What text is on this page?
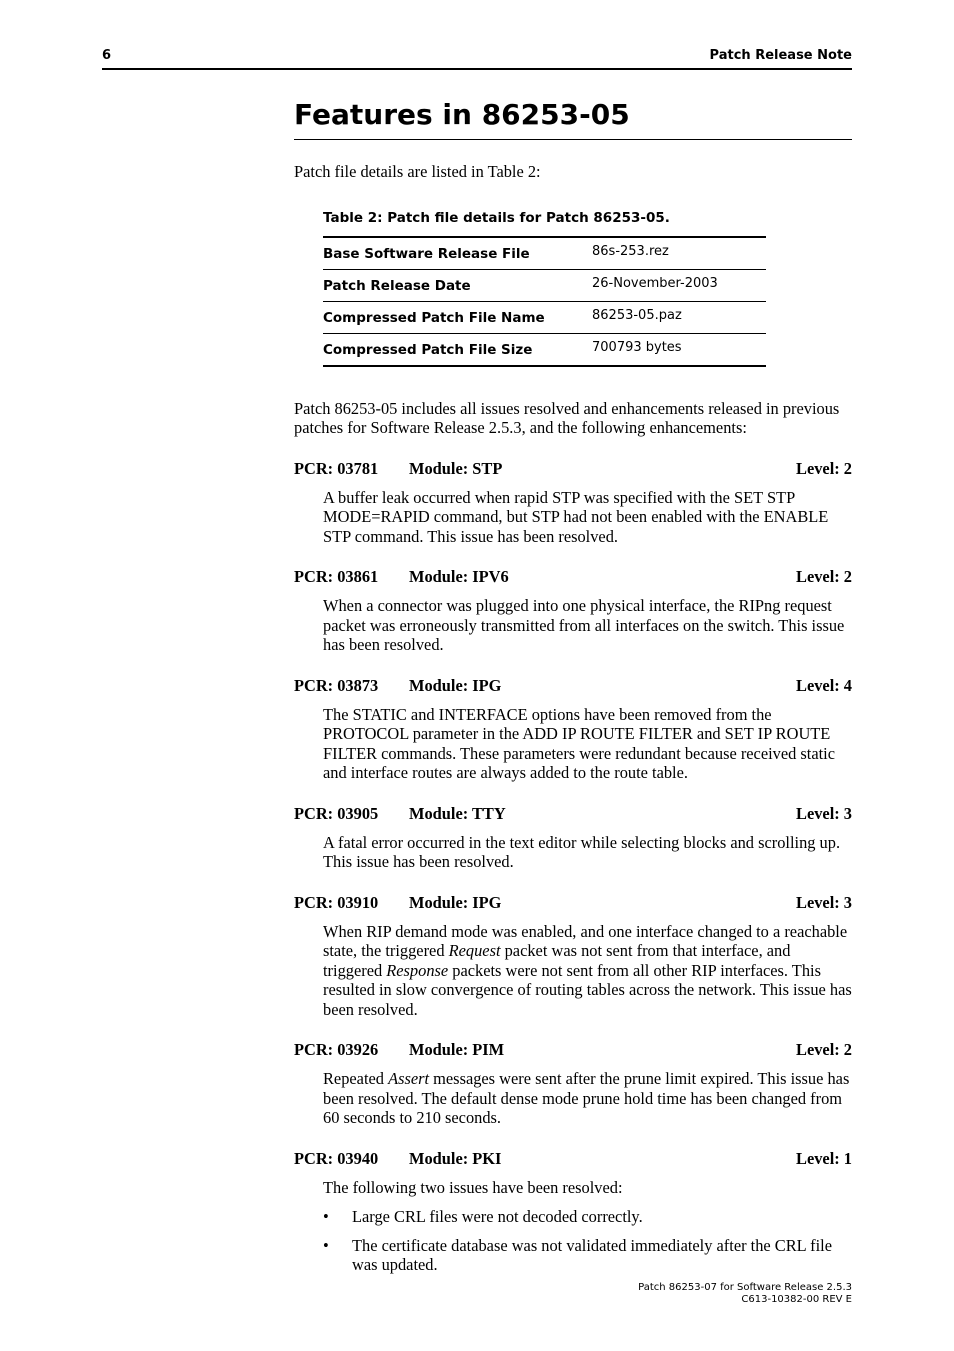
6	Patch Release Note
Features in 86253-05

Patch file details are listed in Table 2:

Table 2: Patch file details for Patch 86253-05.

Base Software Release File	86s-253.rez
Patch Release Date	26-November-2003
Compressed Patch File Name	86253-05.paz
Compressed Patch File Size	700793 bytes

Patch 86253-05 includes all issues resolved and enhancements released in previous patches for Software Release 2.5.3, and the following enhancements:

PCR: 03781 Module: STP	Level: 2

A buffer leak occurred when rapid STP was specified with the SET STP MODE=RAPID command, but STP had not been enabled with the ENABLE STP command. This issue has been resolved.

PCR: 03861 Module: IPV6	Level: 2

When a connector was plugged into one physical interface, the RIPng request packet was erroneously transmitted from all interfaces on the switch. This issue has been resolved.

PCR: 03873 Module: IPG	Level: 4

The STATIC and INTERFACE options have been removed from the PROTOCOL parameter in the ADD IP ROUTE FILTER and SET IP ROUTE FILTER commands. These parameters were redundant because received static and interface routes are always added to the route table.

PCR: 03905 Module: TTY	Level: 3

A fatal error occurred in the text editor while selecting blocks and scrolling up. This issue has been resolved.

PCR: 03910 Module: IPG	Level: 3

When RIP demand mode was enabled, and one interface changed to a reachable state, the triggered Request packet was not sent from that interface, and triggered Response packets were not sent from all other RIP interfaces. This resulted in slow convergence of routing tables across the network. This issue has been resolved.

PCR: 03926 Module: PIM	Level: 2

Repeated Assert messages were sent after the prune limit expired. This issue has been resolved. The default dense mode prune hold time has been changed from 60 seconds to 210 seconds.

PCR: 03940 Module: PKI	Level: 1

The following two issues have been resolved:

• Large CRL files were not decoded correctly.
• The certificate database was not validated immediately after the CRL file was updated.
Patch 86253-07 for Software Release 2.5.3
C613-10382-00 REV E
